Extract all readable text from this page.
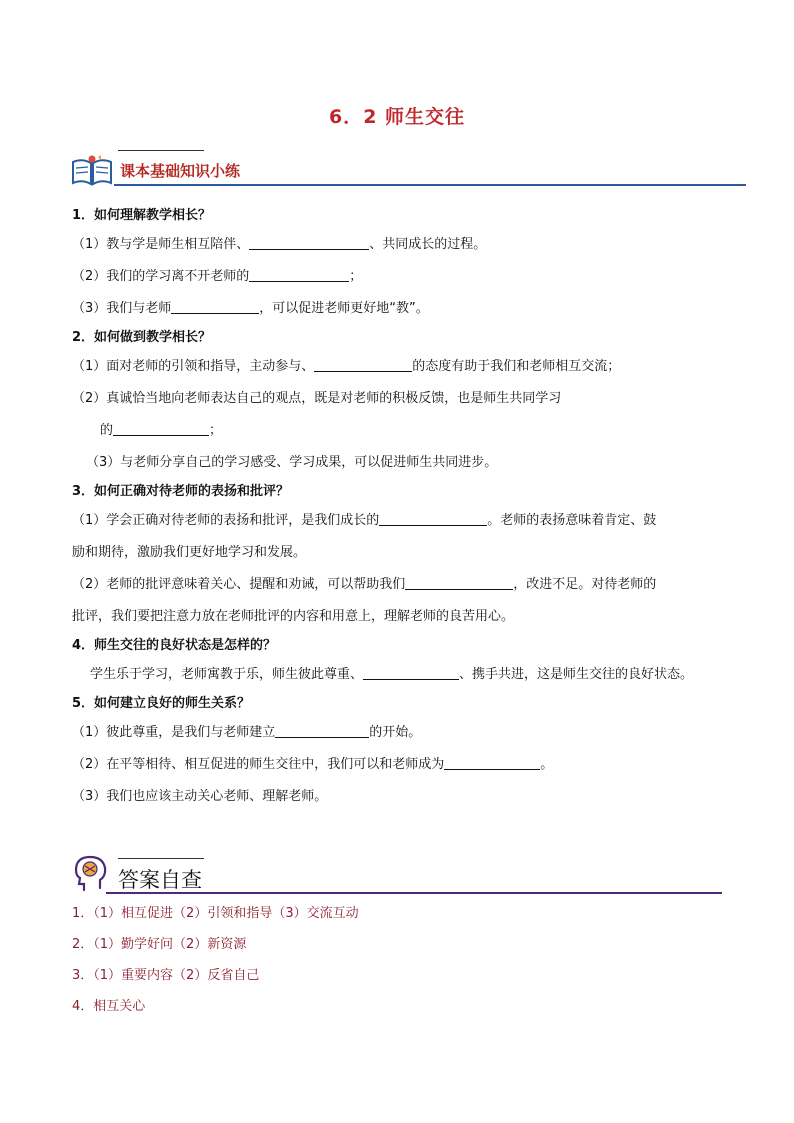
6．2 师生交往
课本基础知识小练
1．如何理解教学相长？
（1）教与学是师生相互陪伴、	、共同成长的过程。
（2）我们的学习离不开老师的	；
（3）我们与老师	，可以促进老师更好地“教”。
2．如何做到教学相长？
（1）面对老师的引领和指导，主动参与、	的态度有助于我们和老师相互交流；
（2）真诚恰当地向老师表达自己的观点，既是对老师的积极反馈，也是师生共同学习
的	；
（3）与老师分享自己的学习感受、学习成果，可以促进师生共同进步。
3．如何正确对待老师的表扬和批评？
（1）学会正确对待老师的表扬和批评，是我们成长的	。老师的表扬意味着肯定、鼓
励和期待，激励我们更好地学习和发展。
（2）老师的批评意味着关心、提醒和劝诫，可以帮助我们	，改进不足。对待老师的
批评，我们要把注意力放在老师批评的内容和用意上，理解老师的良苦用心。
4．师生交往的良好状态是怎样的？
学生乐于学习，老师寓教于乐，师生彼此尊重、	、携手共进，这是师生交往的良好状态。
5．如何建立良好的师生关系？
（1）彼此尊重，是我们与老师建立	的开始。
（2）在平等相待、相互促进的师生交往中，我们可以和老师成为	。
（3）我们也应该主动关心老师、理解老师。
答案自查
1．（1）相互促进（2）引领和指导（3）交流互动
2．（1）勤学好问（2）新资源
3．（1）重要内容（2）反省自己
4．相互关心
